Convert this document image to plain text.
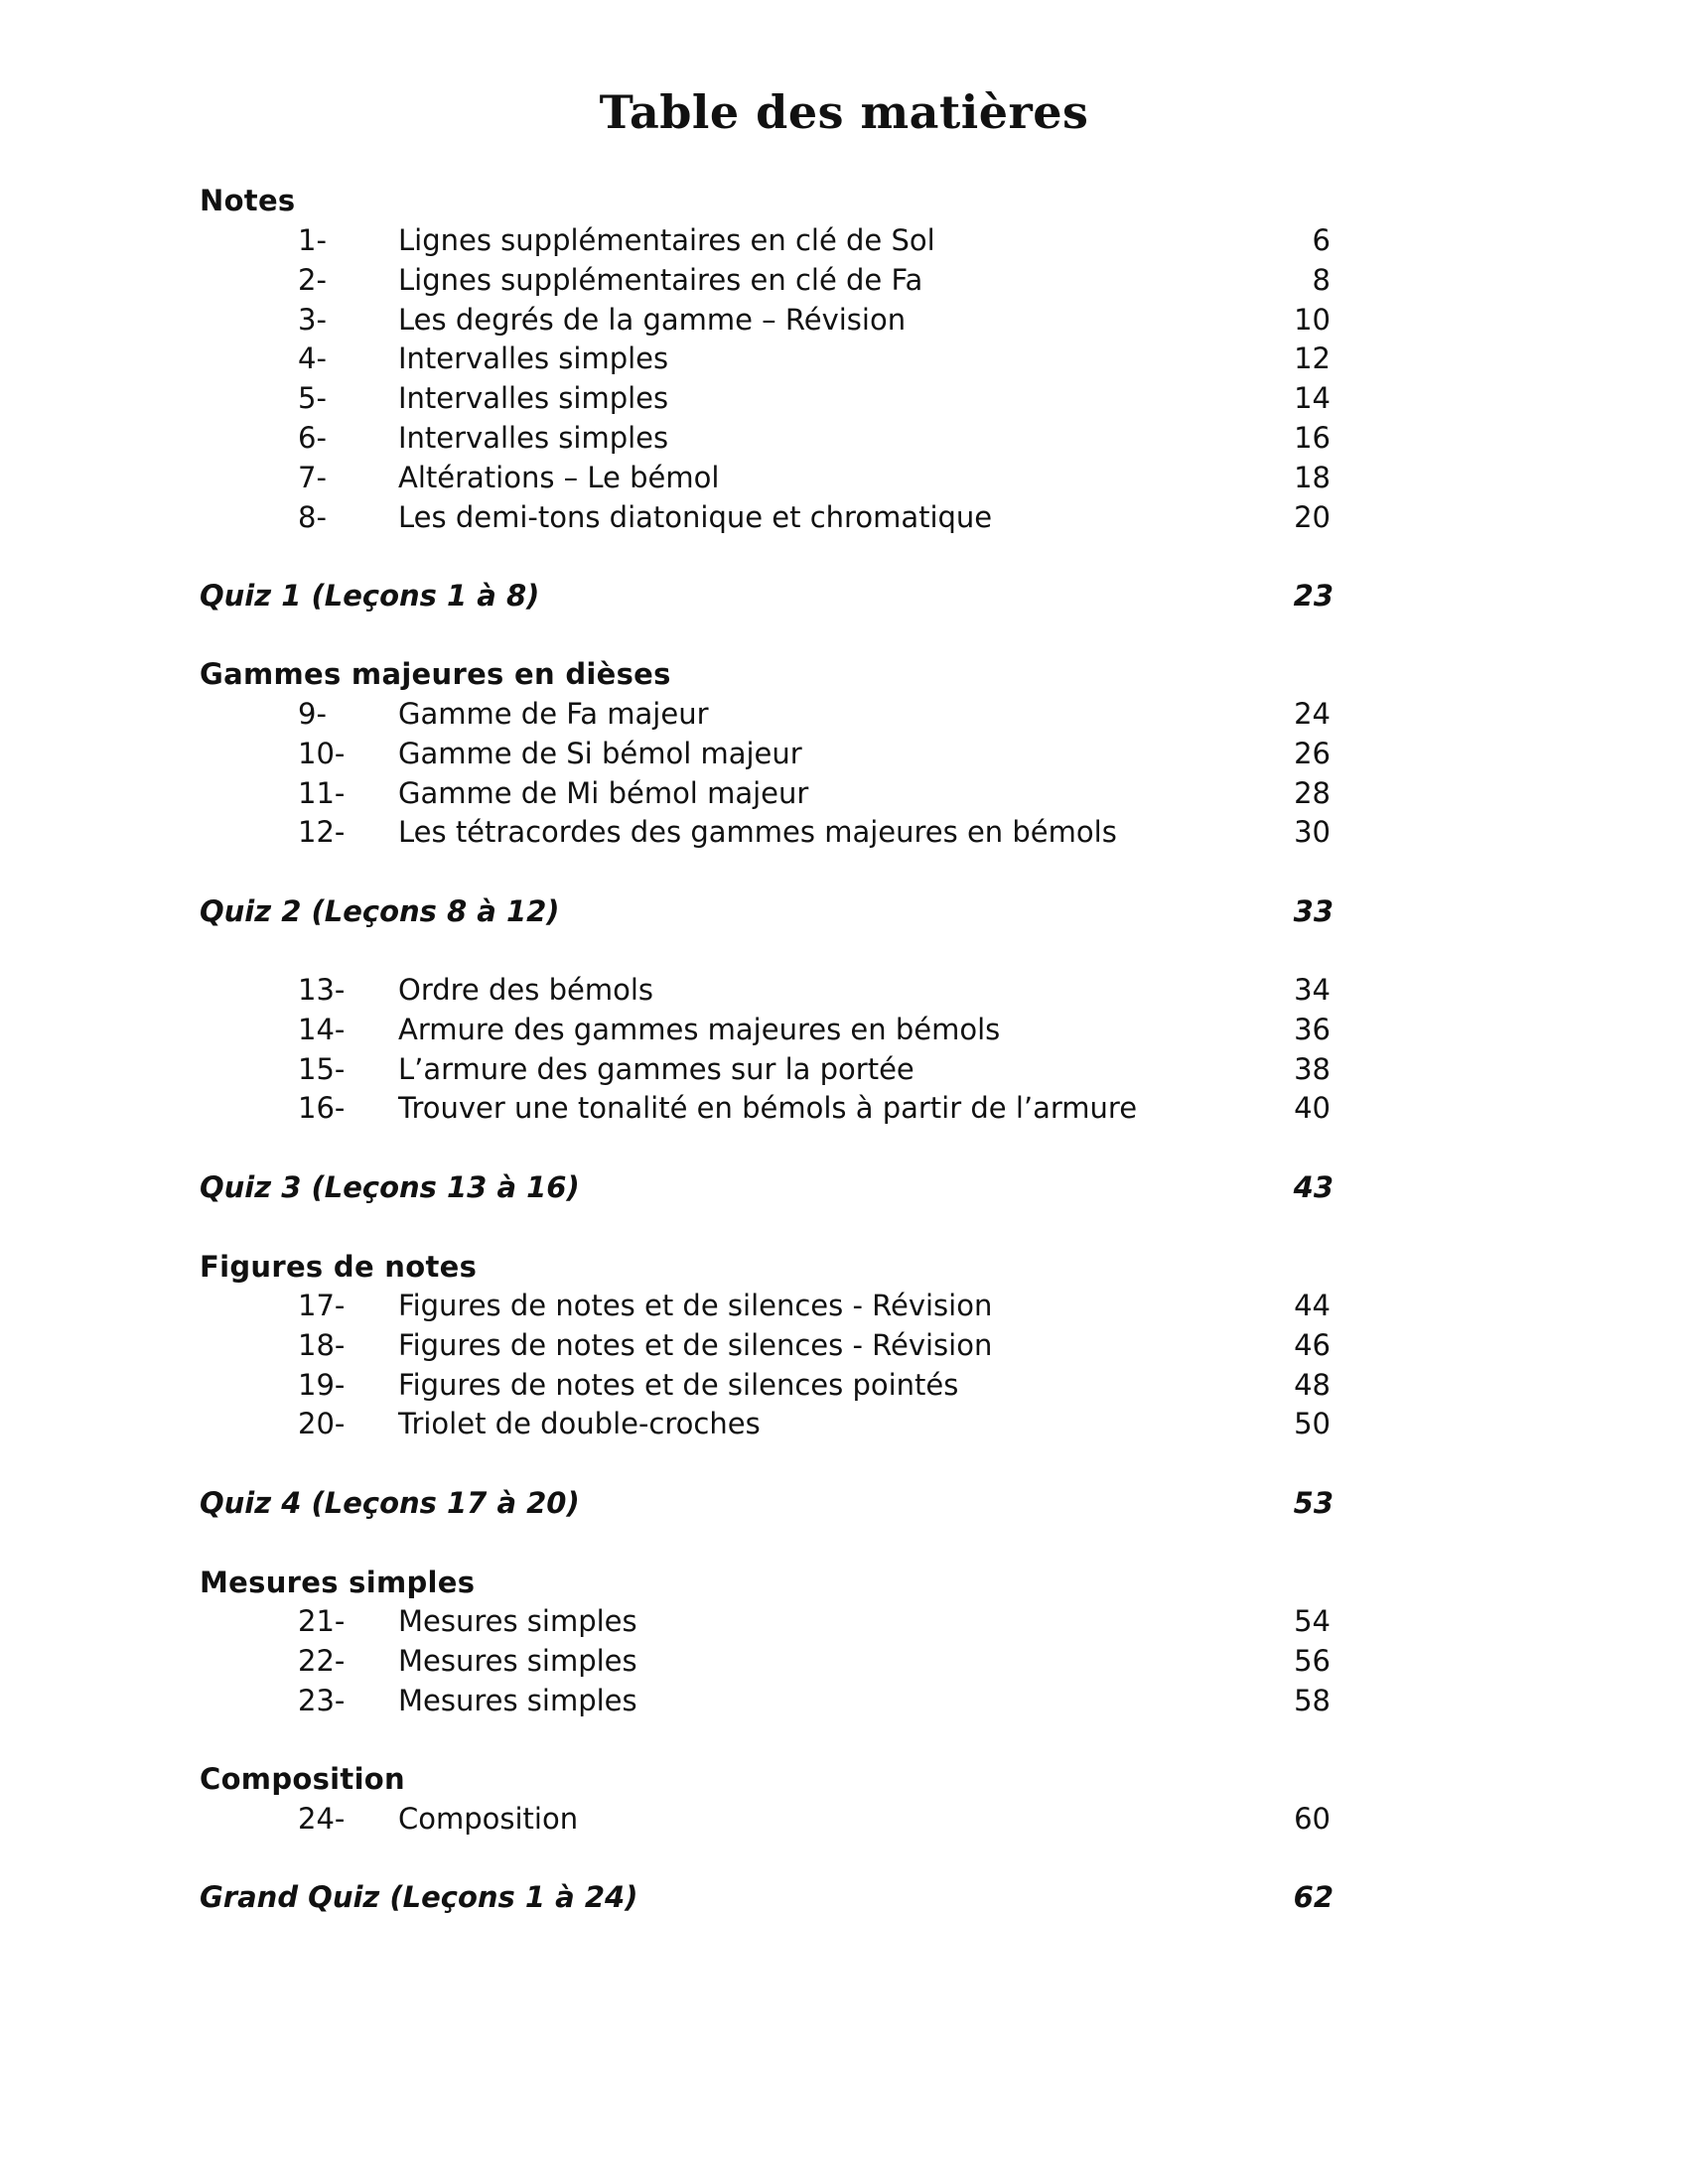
Table des matières
Notes
1- Lignes supplémentaires en clé de Sol	6
2- Lignes supplémentaires en clé de Fa	8
3- Les degrés de la gamme – Révision	10
4- Intervalles simples	12
5- Intervalles simples	14
6- Intervalles simples	16
7- Altérations – Le bémol	18
8- Les demi-tons diatonique et chromatique	20
Quiz 1 (Leçons 1 à 8)	23
Gammes majeures en dièses
9- Gamme de Fa majeur	24
10- Gamme de Si bémol majeur	26
11- Gamme de Mi bémol majeur	28
12- Les tétracordes des gammes majeures en bémols	30
Quiz 2 (Leçons 8 à 12)	33
13- Ordre des bémols	34
14- Armure des gammes majeures en bémols	36
15- L’armure des gammes sur la portée	38
16- Trouver une tonalité en bémols à partir de l’armure	40
Quiz 3 (Leçons 13 à 16)	43
Figures de notes
17- Figures de notes et de silences - Révision	44
18- Figures de notes et de silences - Révision	46
19- Figures de notes et de silences pointés	48
20- Triolet de double-croches	50
Quiz 4 (Leçons 17 à 20)	53
Mesures simples
21- Mesures simples	54
22- Mesures simples	56
23- Mesures simples	58
Composition
24- Composition	60
Grand Quiz (Leçons 1 à 24)	62
